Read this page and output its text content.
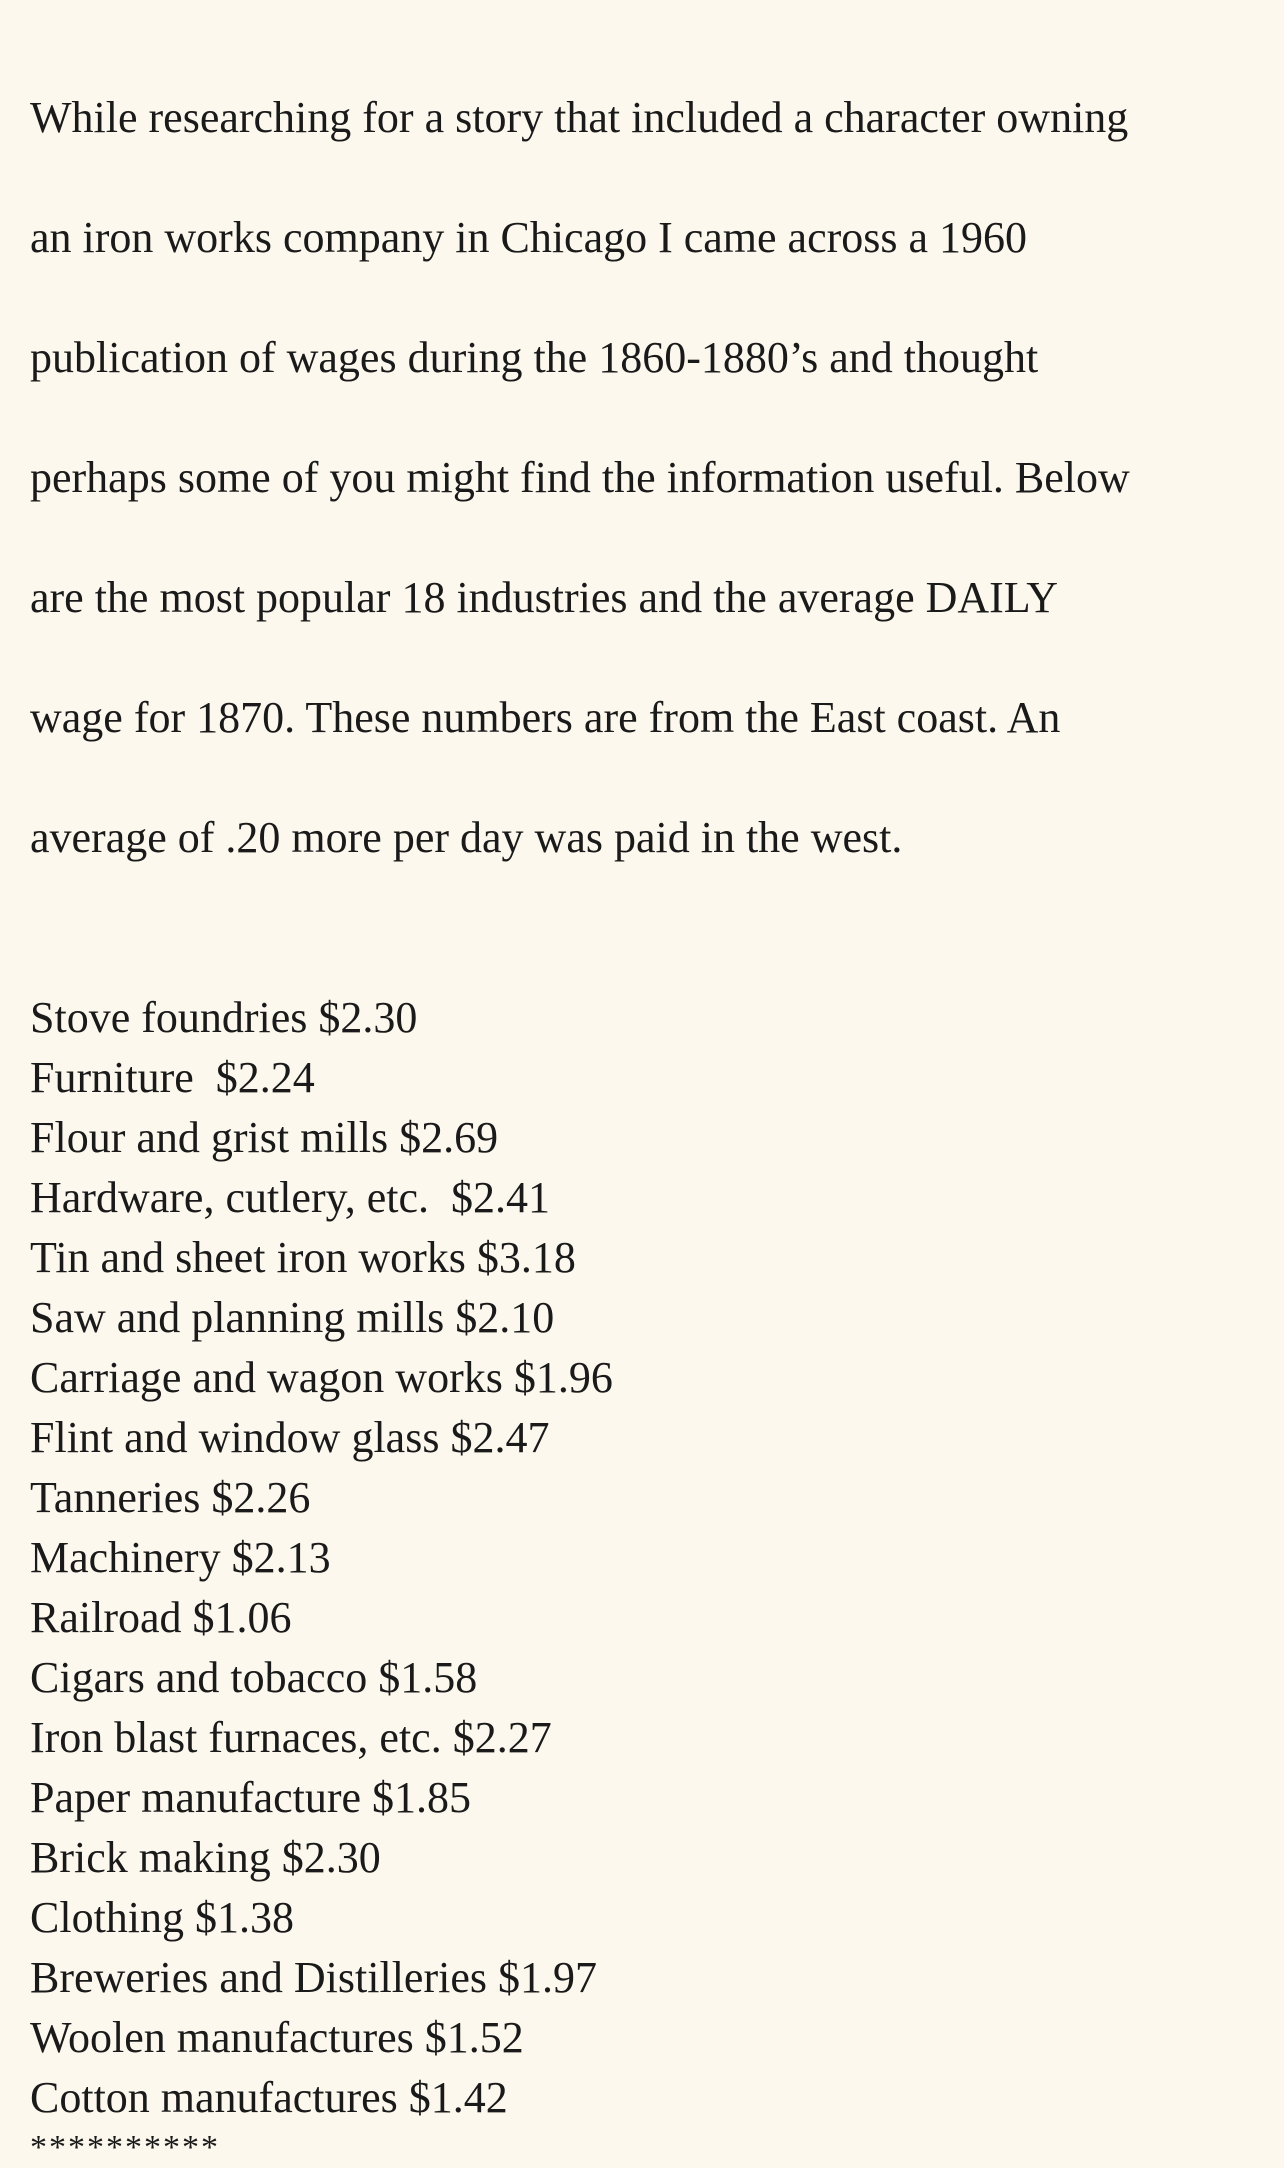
While researching for a story that included a character owning

an iron works company in Chicago I came across a 1960

publication of wages during the 1860-1880’s and thought

perhaps some of you might find the information useful. Below

are the most popular 18 industries and the average DAILY

wage for 1870. These numbers are from the East coast. An

average of .20 more per day was paid in the west.

Stove foundries $2.30
Furniture  $2.24
Flour and grist mills $2.69
Hardware, cutlery, etc.  $2.41
Tin and sheet iron works $3.18
Saw and planning mills $2.10
Carriage and wagon works $1.96
Flint and window glass $2.47
Tanneries $2.26
Machinery $2.13
Railroad $1.06
Cigars and tobacco $1.58
Iron blast furnaces, etc. $2.27
Paper manufacture $1.85
Brick making $2.30
Clothing $1.38
Breweries and Distilleries $1.97
Woolen manufactures $1.52
Cotton manufactures $1.42
**********
